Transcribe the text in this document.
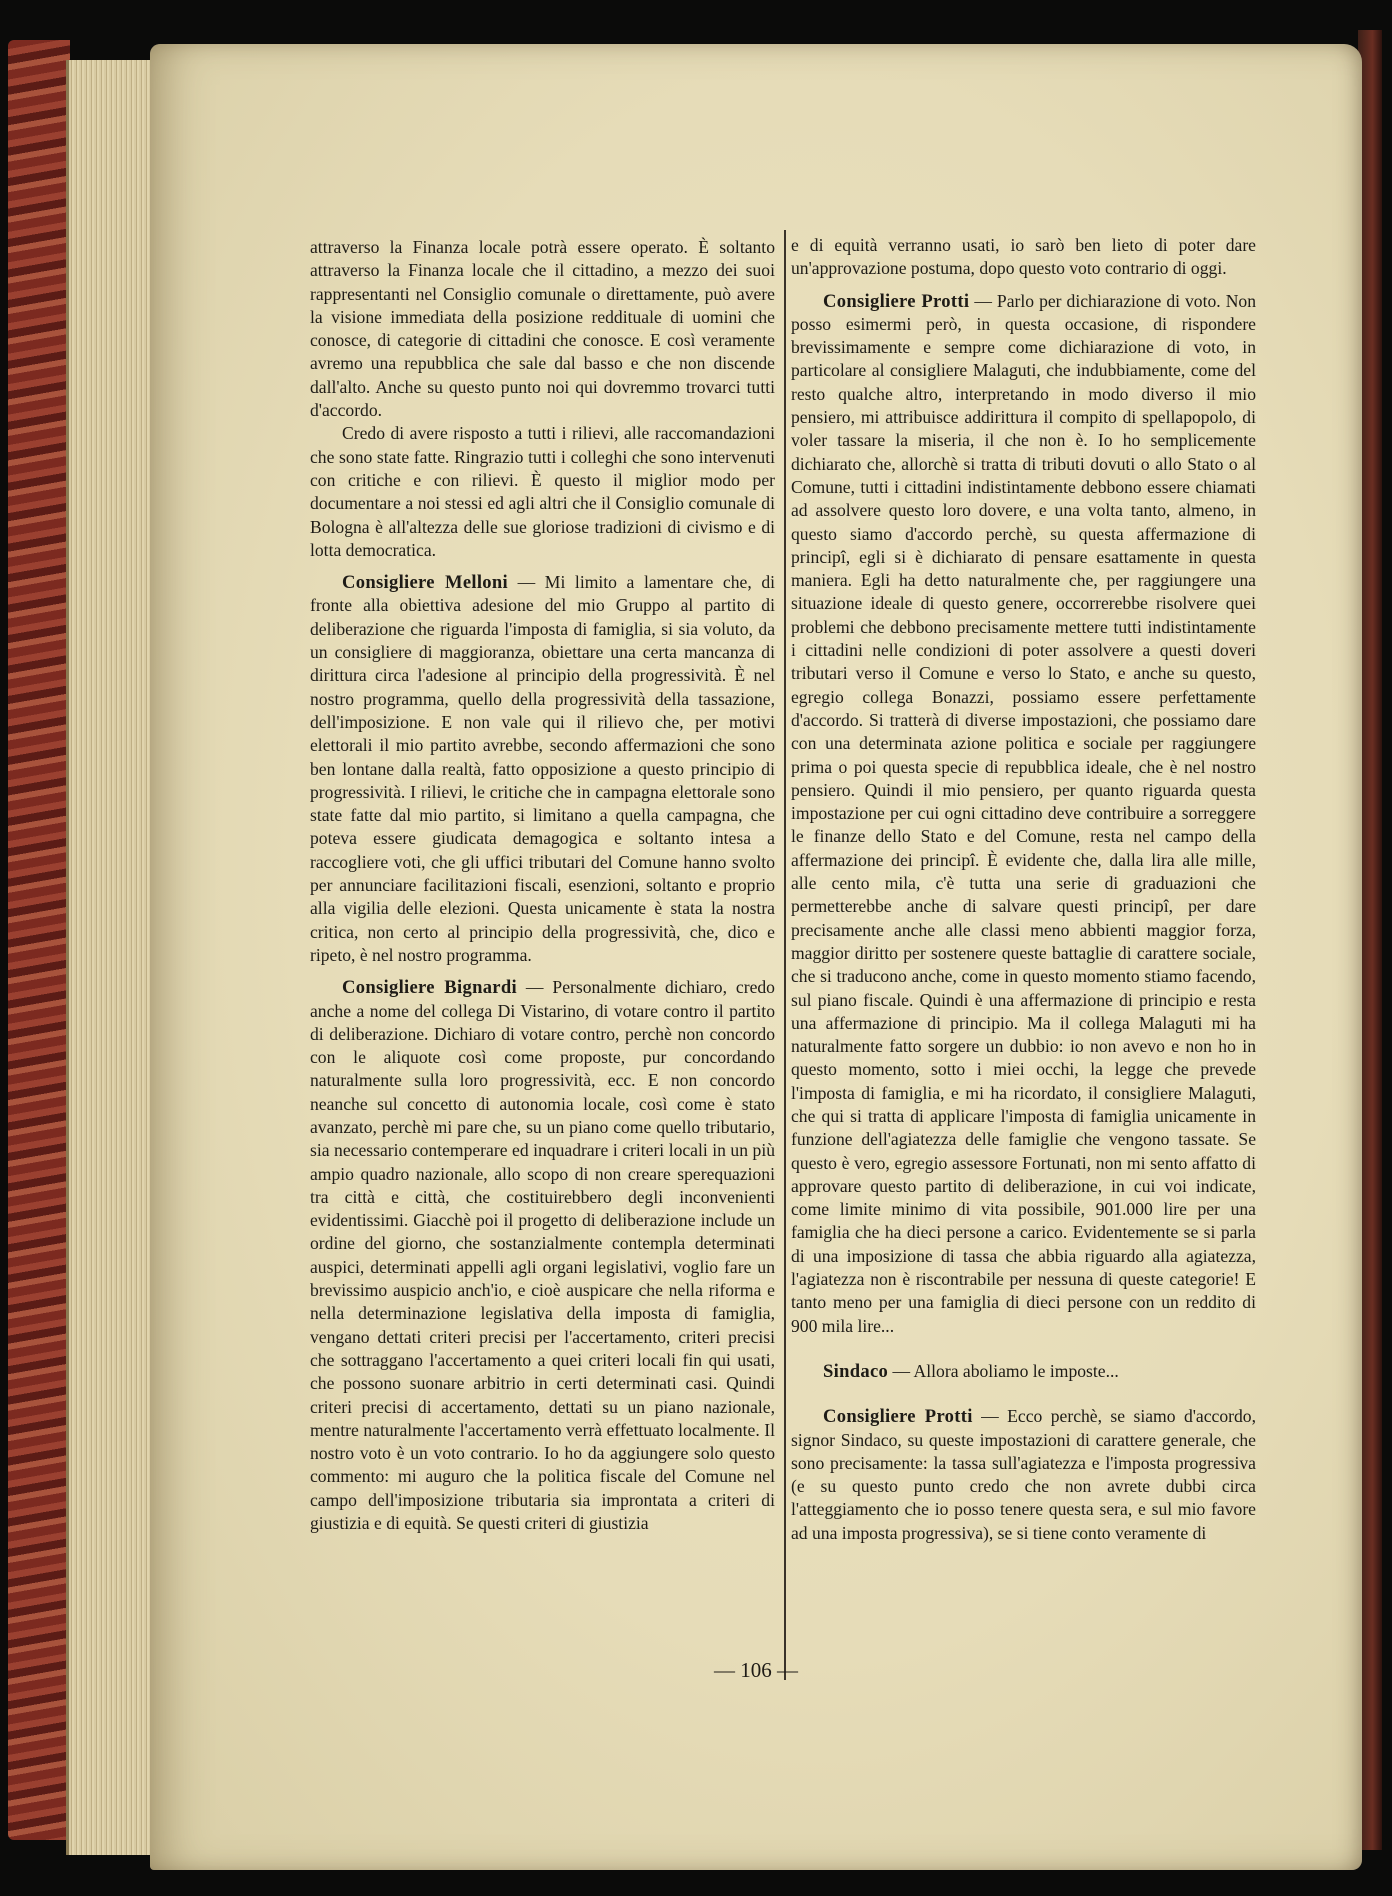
attraverso la Finanza locale potrà essere operato. È soltanto attraverso la Finanza locale che il cittadino, a mezzo dei suoi rappresentanti nel Consiglio comunale o direttamente, può avere la visione immediata della posizione reddituale di uomini che conosce, di categorie di cittadini che conosce. E così veramente avremo una repubblica che sale dal basso e che non discende dall'alto. Anche su questo punto noi qui dovremmo trovarci tutti d'accordo.

Credo di avere risposto a tutti i rilievi, alle raccomandazioni che sono state fatte. Ringrazio tutti i colleghi che sono intervenuti con critiche e con rilievi. È questo il miglior modo per documentare a noi stessi ed agli altri che il Consiglio comunale di Bologna è all'altezza delle sue gloriose tradizioni di civismo e di lotta democratica.

Consigliere Melloni — Mi limito a lamentare che, di fronte alla obiettiva adesione del mio Gruppo al partito di deliberazione che riguarda l'imposta di famiglia, si sia voluto, da un consigliere di maggioranza, obiettare una certa mancanza di dirittura circa l'adesione al principio della progressività. È nel nostro programma, quello della progressività della tassazione, dell'imposizione. E non vale qui il rilievo che, per motivi elettorali il mio partito avrebbe, secondo affermazioni che sono ben lontane dalla realtà, fatto opposizione a questo principio di progressività. I rilievi, le critiche che in campagna elettorale sono state fatte dal mio partito, si limitano a quella campagna, che poteva essere giudicata demagogica e soltanto intesa a raccogliere voti, che gli uffici tributari del Comune hanno svolto per annunciare facilitazioni fiscali, esenzioni, soltanto e proprio alla vigilia delle elezioni. Questa unicamente è stata la nostra critica, non certo al principio della progressività, che, dico e ripeto, è nel nostro programma.

Consigliere Bignardi — Personalmente dichiaro, credo anche a nome del collega Di Vistarino, di votare contro il partito di deliberazione. Dichiaro di votare contro, perchè non concordo con le aliquote così come proposte, pur concordando naturalmente sulla loro progressività, ecc. E non concordo neanche sul concetto di autonomia locale, così come è stato avanzato, perchè mi pare che, su un piano come quello tributario, sia necessario contemperare ed inquadrare i criteri locali in un più ampio quadro nazionale, allo scopo di non creare sperequazioni tra città e città, che costituirebbero degli inconvenienti evidentissimi. Giacchè poi il progetto di deliberazione include un ordine del giorno, che sostanzialmente contempla determinati auspici, determinati appelli agli organi legislativi, voglio fare un brevissimo auspicio anch'io, e cioè auspicare che nella riforma e nella determinazione legislativa della imposta di famiglia, vengano dettati criteri precisi per l'accertamento, criteri precisi che sottraggano l'accertamento a quei criteri locali fin qui usati, che possono suonare arbitrio in certi determinati casi. Quindi criteri precisi di accertamento, dettati su un piano nazionale, mentre naturalmente l'accertamento verrà effettuato localmente. Il nostro voto è un voto contrario. Io ho da aggiungere solo questo commento: mi auguro che la politica fiscale del Comune nel campo dell'imposizione tributaria sia improntata a criteri di giustizia e di equità. Se questi criteri di giustizia

e di equità verranno usati, io sarò ben lieto di poter dare un'approvazione postuma, dopo questo voto contrario di oggi.

Consigliere Protti — Parlo per dichiarazione di voto. Non posso esimermi però, in questa occasione, di rispondere brevissimamente e sempre come dichiarazione di voto, in particolare al consigliere Malaguti, che indubbiamente, come del resto qualche altro, interpretando in modo diverso il mio pensiero, mi attribuisce addirittura il compito di spellapopolo, di voler tassare la miseria, il che non è. Io ho semplicemente dichiarato che, allorchè si tratta di tributi dovuti o allo Stato o al Comune, tutti i cittadini indistintamente debbono essere chiamati ad assolvere questo loro dovere, e una volta tanto, almeno, in questo siamo d'accordo perchè, su questa affermazione di principî, egli si è dichiarato di pensare esattamente in questa maniera. Egli ha detto naturalmente che, per raggiungere una situazione ideale di questo genere, occorrerebbe risolvere quei problemi che debbono precisamente mettere tutti indistintamente i cittadini nelle condizioni di poter assolvere a questi doveri tributari verso il Comune e verso lo Stato, e anche su questo, egregio collega Bonazzi, possiamo essere perfettamente d'accordo. Si tratterà di diverse impostazioni, che possiamo dare con una determinata azione politica e sociale per raggiungere prima o poi questa specie di repubblica ideale, che è nel nostro pensiero. Quindi il mio pensiero, per quanto riguarda questa impostazione per cui ogni cittadino deve contribuire a sorreggere le finanze dello Stato e del Comune, resta nel campo della affermazione dei principî. È evidente che, dalla lira alle mille, alle cento mila, c'è tutta una serie di graduazioni che permetterebbe anche di salvare questi principî, per dare precisamente anche alle classi meno abbienti maggior forza, maggior diritto per sostenere queste battaglie di carattere sociale, che si traducono anche, come in questo momento stiamo facendo, sul piano fiscale. Quindi è una affermazione di principio e resta una affermazione di principio. Ma il collega Malaguti mi ha naturalmente fatto sorgere un dubbio: io non avevo e non ho in questo momento, sotto i miei occhi, la legge che prevede l'imposta di famiglia, e mi ha ricordato, il consigliere Malaguti, che qui si tratta di applicare l'imposta di famiglia unicamente in funzione dell'agiatezza delle famiglie che vengono tassate. Se questo è vero, egregio assessore Fortunati, non mi sento affatto di approvare questo partito di deliberazione, in cui voi indicate, come limite minimo di vita possibile, 901.000 lire per una famiglia che ha dieci persone a carico. Evidentemente se si parla di una imposizione di tassa che abbia riguardo alla agiatezza, l'agiatezza non è riscontrabile per nessuna di queste categorie! E tanto meno per una famiglia di dieci persone con un reddito di 900 mila lire...

Sindaco — Allora aboliamo le imposte...

Consigliere Protti — Ecco perchè, se siamo d'accordo, signor Sindaco, su queste impostazioni di carattere generale, che sono precisamente: la tassa sull'agiatezza e l'imposta progressiva (e su questo punto credo che non avrete dubbi circa l'atteggiamento che io posso tenere questa sera, e sul mio favore ad una imposta progressiva), se si tiene conto veramente di

— 106 —
